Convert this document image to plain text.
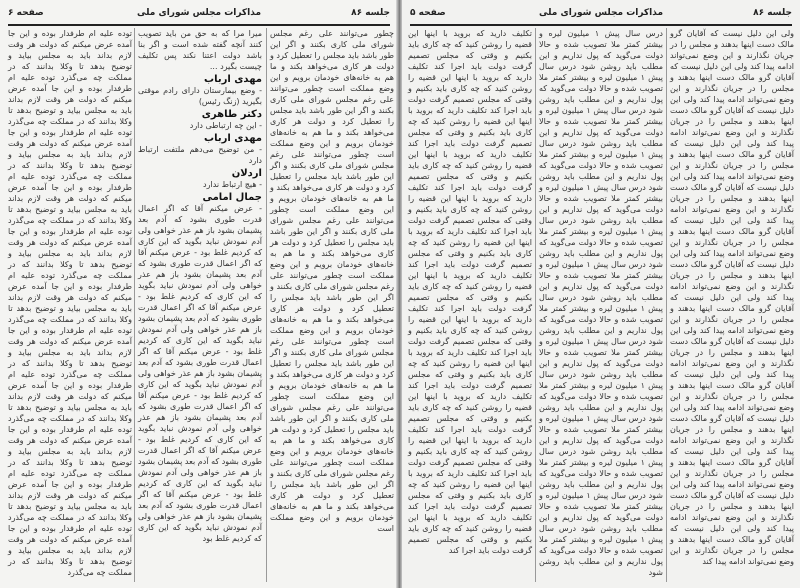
جلسه ۸۶
مذاکرات مجلس شورای ملی
صفحه ۶

چطور می‌توانند علی رغم مجلس شورای ملی کاری بکنند و اگر این طور باشد باید مجلس را تعطیل کرد و دولت هر کاری می‌خواهد بکند و ما هم به خانه‌های خودمان برویم و این وضع مملکت است چطور می‌توانند علی رغم مجلس شورای ملی کاری بکنند و اگر این طور باشد باید مجلس را تعطیل کرد و دولت هر کاری می‌خواهد بکند و ما هم به خانه‌های خودمان برویم و این وضع مملکت است چطور می‌توانند علی رغم مجلس شورای ملی کاری بکنند و اگر این طور باشد باید مجلس را تعطیل کرد و دولت هر کاری می‌خواهد بکند و ما هم به خانه‌های خودمان برویم و این وضع مملکت است چطور می‌توانند علی رغم مجلس شورای ملی کاری بکنند و اگر این طور باشد باید مجلس را تعطیل کرد و دولت هر کاری می‌خواهد بکند و ما هم به خانه‌های خودمان برویم و این وضع مملکت است چطور می‌توانند علی رغم مجلس شورای ملی کاری بکنند و اگر این طور باشد باید مجلس را تعطیل کرد و دولت هر کاری می‌خواهد بکند و ما هم به خانه‌های خودمان برویم و این وضع مملکت است چطور می‌توانند علی رغم مجلس شورای ملی کاری بکنند و اگر این طور باشد باید مجلس را تعطیل کرد و دولت هر کاری می‌خواهد بکند و ما هم به خانه‌های خودمان برویم و این وضع مملکت است چطور می‌توانند علی رغم مجلس شورای ملی کاری بکنند و اگر این طور باشد باید مجلس را تعطیل کرد و دولت هر کاری می‌خواهد بکند و ما هم به خانه‌های خودمان برویم و این وضع مملکت است چطور می‌توانند علی رغم مجلس شورای ملی کاری بکنند و اگر این طور باشد باید مجلس را تعطیل کرد و دولت هر کاری می‌خواهد بکند و ما هم به خانه‌های خودمان برویم و این وضع مملکت است

میرا مرا که به حق من باید تصویب کنند آنچه گفته شده است و اگر بنا باشد دولت اعتنا نکند پس تکلیف چیست بگیرد ...

مهدی ارباب
- وضع بیمارستان دارای رادم موقتی بگیرید (زنگ رئیس)

دکتر طاهری
- این چه ارتباطی دارد

مهدی ارباب
- من توضیح می‌دهم ملتفت ارتباط دارد

اردلان
- هیچ ارتباط ندارد

جمال امامی
- عرض میکنم آقا که اگر اعمال قدرت طوری بشود که آدم بعد پشیمان بشود باز هم عذر خواهی ولی آدم نمودش نباید بگوید که این کاری که کردیم غلط بود - عرض میکنم آقا که اگر اعمال قدرت طوری بشود که آدم بعد پشیمان بشود باز هم عذر خواهی ولی آدم نمودش نباید بگوید که این کاری که کردیم غلط بود - عرض میکنم آقا که اگر اعمال قدرت طوری بشود که آدم بعد پشیمان بشود باز هم عذر خواهی ولی آدم نمودش نباید بگوید که این کاری که کردیم غلط بود - عرض میکنم آقا که اگر اعمال قدرت طوری بشود که آدم بعد پشیمان بشود باز هم عذر خواهی ولی آدم نمودش نباید بگوید که این کاری که کردیم غلط بود - عرض میکنم آقا که اگر اعمال قدرت طوری بشود که آدم بعد پشیمان بشود باز هم عذر خواهی ولی آدم نمودش نباید بگوید که این کاری که کردیم غلط بود - عرض میکنم آقا که اگر اعمال قدرت طوری بشود که آدم بعد پشیمان بشود باز هم عذر خواهی ولی آدم نمودش نباید بگوید که این کاری که کردیم غلط بود - عرض میکنم آقا که اگر اعمال قدرت طوری بشود که آدم بعد پشیمان بشود باز هم عذر خواهی ولی آدم نمودش نباید بگوید که این کاری که کردیم غلط بود

توده علیه ‌ام طرفدار بوده و این جا آمده عرض میکنم که دولت هر وقت لازم بداند باید به مجلس بیاید و توضیح بدهد تا وکلا بدانند که در مملکت چه می‌گذرد توده علیه ‌ام طرفدار بوده و این جا آمده عرض میکنم که دولت هر وقت لازم بداند باید به مجلس بیاید و توضیح بدهد تا وکلا بدانند که در مملکت چه می‌گذرد توده علیه ‌ام طرفدار بوده و این جا آمده عرض میکنم که دولت هر وقت لازم بداند باید به مجلس بیاید و توضیح بدهد تا وکلا بدانند که در مملکت چه می‌گذرد توده علیه ‌ام طرفدار بوده و این جا آمده عرض میکنم که دولت هر وقت لازم بداند باید به مجلس بیاید و توضیح بدهد تا وکلا بدانند که در مملکت چه می‌گذرد توده علیه ‌ام طرفدار بوده و این جا آمده عرض میکنم که دولت هر وقت لازم بداند باید به مجلس بیاید و توضیح بدهد تا وکلا بدانند که در مملکت چه می‌گذرد توده علیه ‌ام طرفدار بوده و این جا آمده عرض میکنم که دولت هر وقت لازم بداند باید به مجلس بیاید و توضیح بدهد تا وکلا بدانند که در مملکت چه می‌گذرد توده علیه ‌ام طرفدار بوده و این جا آمده عرض میکنم که دولت هر وقت لازم بداند باید به مجلس بیاید و توضیح بدهد تا وکلا بدانند که در مملکت چه می‌گذرد توده علیه ‌ام طرفدار بوده و این جا آمده عرض میکنم که دولت هر وقت لازم بداند باید به مجلس بیاید و توضیح بدهد تا وکلا بدانند که در مملکت چه می‌گذرد توده علیه ‌ام طرفدار بوده و این جا آمده عرض میکنم که دولت هر وقت لازم بداند باید به مجلس بیاید و توضیح بدهد تا وکلا بدانند که در مملکت چه می‌گذرد توده علیه ‌ام طرفدار بوده و این جا آمده عرض میکنم که دولت هر وقت لازم بداند باید به مجلس بیاید و توضیح بدهد تا وکلا بدانند که در مملکت چه می‌گذرد توده علیه ‌ام طرفدار بوده و این جا آمده عرض میکنم که دولت هر وقت لازم بداند باید به مجلس بیاید و توضیح بدهد تا وکلا بدانند که در مملکت چه می‌گذرد

جلسه ۸۶
مذاکرات مجلس شورای ملی
صفحه ۵

ولی این دلیل نیست که آقایان گرو مالک دست اینها بدهند و مجلس را در جریان نگذارند و این وضع نمی‌تواند ادامه پیدا کند ولی این دلیل نیست که آقایان گرو مالک دست اینها بدهند و مجلس را در جریان نگذارند و این وضع نمی‌تواند ادامه پیدا کند ولی این دلیل نیست که آقایان گرو مالک دست اینها بدهند و مجلس را در جریان نگذارند و این وضع نمی‌تواند ادامه پیدا کند ولی این دلیل نیست که آقایان گرو مالک دست اینها بدهند و مجلس را در جریان نگذارند و این وضع نمی‌تواند ادامه پیدا کند ولی این دلیل نیست که آقایان گرو مالک دست اینها بدهند و مجلس را در جریان نگذارند و این وضع نمی‌تواند ادامه پیدا کند ولی این دلیل نیست که آقایان گرو مالک دست اینها بدهند و مجلس را در جریان نگذارند و این وضع نمی‌تواند ادامه پیدا کند ولی این دلیل نیست که آقایان گرو مالک دست اینها بدهند و مجلس را در جریان نگذارند و این وضع نمی‌تواند ادامه پیدا کند ولی این دلیل نیست که آقایان گرو مالک دست اینها بدهند و مجلس را در جریان نگذارند و این وضع نمی‌تواند ادامه پیدا کند ولی این دلیل نیست که آقایان گرو مالک دست اینها بدهند و مجلس را در جریان نگذارند و این وضع نمی‌تواند ادامه پیدا کند ولی این دلیل نیست که آقایان گرو مالک دست اینها بدهند و مجلس را در جریان نگذارند و این وضع نمی‌تواند ادامه پیدا کند ولی این دلیل نیست که آقایان گرو مالک دست اینها بدهند و مجلس را در جریان نگذارند و این وضع نمی‌تواند ادامه پیدا کند ولی این دلیل نیست که آقایان گرو مالک دست اینها بدهند و مجلس را در جریان نگذارند و این وضع نمی‌تواند ادامه پیدا کند ولی این دلیل نیست که آقایان گرو مالک دست اینها بدهند و مجلس را در جریان نگذارند و این وضع نمی‌تواند ادامه پیدا کند ولی این دلیل نیست که آقایان گرو مالک دست اینها بدهند و مجلس را در جریان نگذارند و این وضع نمی‌تواند ادامه پیدا کند

درس سال پیش ۱ میلیون لیره و بیشتر کمتر ملا تصویب شده و حالا دولت می‌گوید که پول نداریم و این مطلب باید روشن شود درس سال پیش ۱ میلیون لیره و بیشتر کمتر ملا تصویب شده و حالا دولت می‌گوید که پول نداریم و این مطلب باید روشن شود درس سال پیش ۱ میلیون لیره و بیشتر کمتر ملا تصویب شده و حالا دولت می‌گوید که پول نداریم و این مطلب باید روشن شود درس سال پیش ۱ میلیون لیره و بیشتر کمتر ملا تصویب شده و حالا دولت می‌گوید که پول نداریم و این مطلب باید روشن شود درس سال پیش ۱ میلیون لیره و بیشتر کمتر ملا تصویب شده و حالا دولت می‌گوید که پول نداریم و این مطلب باید روشن شود درس سال پیش ۱ میلیون لیره و بیشتر کمتر ملا تصویب شده و حالا دولت می‌گوید که پول نداریم و این مطلب باید روشن شود درس سال پیش ۱ میلیون لیره و بیشتر کمتر ملا تصویب شده و حالا دولت می‌گوید که پول نداریم و این مطلب باید روشن شود درس سال پیش ۱ میلیون لیره و بیشتر کمتر ملا تصویب شده و حالا دولت می‌گوید که پول نداریم و این مطلب باید روشن شود درس سال پیش ۱ میلیون لیره و بیشتر کمتر ملا تصویب شده و حالا دولت می‌گوید که پول نداریم و این مطلب باید روشن شود درس سال پیش ۱ میلیون لیره و بیشتر کمتر ملا تصویب شده و حالا دولت می‌گوید که پول نداریم و این مطلب باید روشن شود درس سال پیش ۱ میلیون لیره و بیشتر کمتر ملا تصویب شده و حالا دولت می‌گوید که پول نداریم و این مطلب باید روشن شود درس سال پیش ۱ میلیون لیره و بیشتر کمتر ملا تصویب شده و حالا دولت می‌گوید که پول نداریم و این مطلب باید روشن شود درس سال پیش ۱ میلیون لیره و بیشتر کمتر ملا تصویب شده و حالا دولت می‌گوید که پول نداریم و این مطلب باید روشن شود درس سال پیش ۱ میلیون لیره و بیشتر کمتر ملا تصویب شده و حالا دولت می‌گوید که پول نداریم و این مطلب باید روشن شود

تکلیف دارید که بروید با اینها این قضیه را روشن کنید که چه کاری باید بکنیم و وقتی که مجلس تصمیم گرفت دولت باید اجرا کند تکلیف دارید که بروید با اینها این قضیه را روشن کنید که چه کاری باید بکنیم و وقتی که مجلس تصمیم گرفت دولت باید اجرا کند تکلیف دارید که بروید با اینها این قضیه را روشن کنید که چه کاری باید بکنیم و وقتی که مجلس تصمیم گرفت دولت باید اجرا کند تکلیف دارید که بروید با اینها این قضیه را روشن کنید که چه کاری باید بکنیم و وقتی که مجلس تصمیم گرفت دولت باید اجرا کند تکلیف دارید که بروید با اینها این قضیه را روشن کنید که چه کاری باید بکنیم و وقتی که مجلس تصمیم گرفت دولت باید اجرا کند تکلیف دارید که بروید با اینها این قضیه را روشن کنید که چه کاری باید بکنیم و وقتی که مجلس تصمیم گرفت دولت باید اجرا کند تکلیف دارید که بروید با اینها این قضیه را روشن کنید که چه کاری باید بکنیم و وقتی که مجلس تصمیم گرفت دولت باید اجرا کند تکلیف دارید که بروید با اینها این قضیه را روشن کنید که چه کاری باید بکنیم و وقتی که مجلس تصمیم گرفت دولت باید اجرا کند تکلیف دارید که بروید با اینها این قضیه را روشن کنید که چه کاری باید بکنیم و وقتی که مجلس تصمیم گرفت دولت باید اجرا کند تکلیف دارید که بروید با اینها این قضیه را روشن کنید که چه کاری باید بکنیم و وقتی که مجلس تصمیم گرفت دولت باید اجرا کند تکلیف دارید که بروید با اینها این قضیه را روشن کنید که چه کاری باید بکنیم و وقتی که مجلس تصمیم گرفت دولت باید اجرا کند تکلیف دارید که بروید با اینها این قضیه را روشن کنید که چه کاری باید بکنیم و وقتی که مجلس تصمیم گرفت دولت باید اجرا کند تکلیف دارید که بروید با اینها این قضیه را روشن کنید که چه کاری باید بکنیم و وقتی که مجلس تصمیم گرفت دولت باید اجرا کند
